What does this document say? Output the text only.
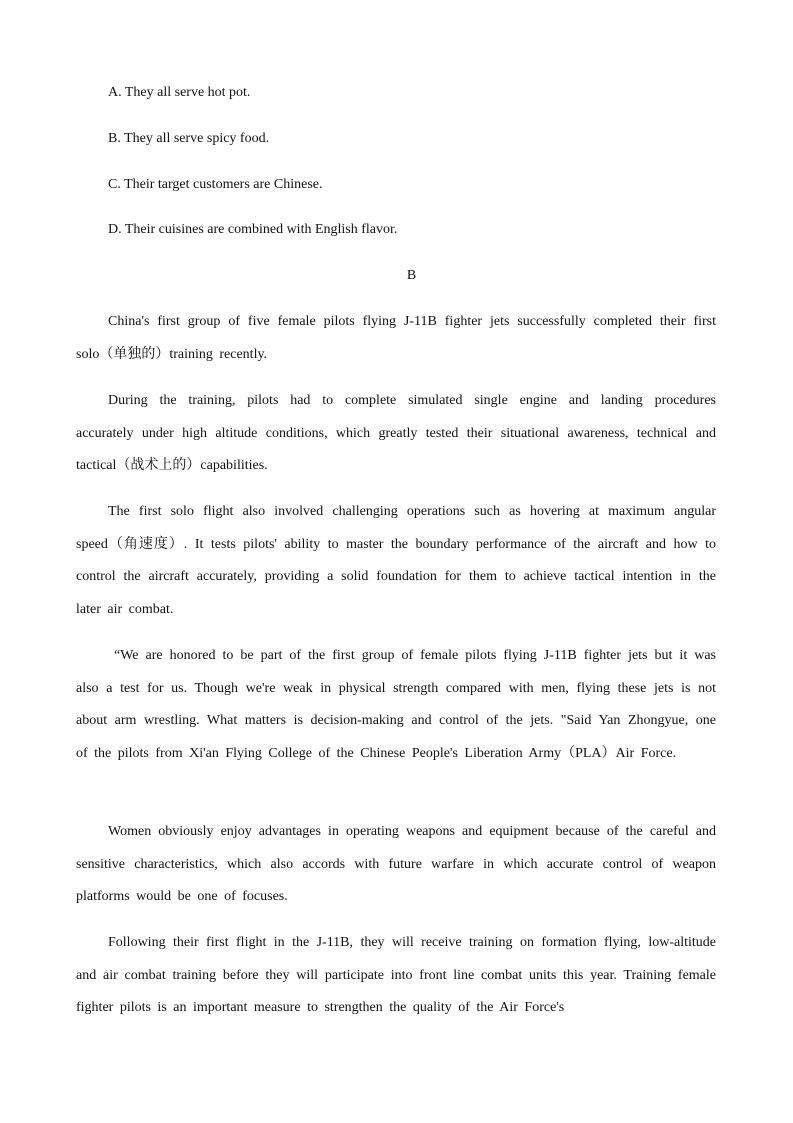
A. They all serve hot pot.
B. They all serve spicy food.
C. Their target customers are Chinese.
D. Their cuisines are combined with English flavor.
B

China's first group of five female pilots flying J-11B fighter jets successfully completed their first solo（单独的）training recently.

During the training, pilots had to complete simulated single engine and landing procedures accurately under high altitude conditions, which greatly tested their situational awareness, technical and tactical（战术上的）capabilities.

The first solo flight also involved challenging operations such as hovering at maximum angular speed（角速度）. It tests pilots' ability to master the boundary performance of the aircraft and how to control the aircraft accurately, providing a solid foundation for them to achieve tactical intention in the later air combat.

“We are honored to be part of the first group of female pilots flying J-11B fighter jets but it was also a test for us. Though we're weak in physical strength compared with men, flying these jets is not about arm wrestling. What matters is decision-making and control of the jets. "Said Yan Zhongyue, one of the pilots from Xi'an Flying College of the Chinese People's Liberation Army（PLA）Air Force.

Women obviously enjoy advantages in operating weapons and equipment because of the careful and sensitive characteristics, which also accords with future warfare in which accurate control of weapon platforms would be one of focuses.

Following their first flight in the J-11B, they will receive training on formation flying, low-altitude and air combat training before they will participate into front line combat units this year. Training female fighter pilots is an important measure to strengthen the quality of the Air Force's
